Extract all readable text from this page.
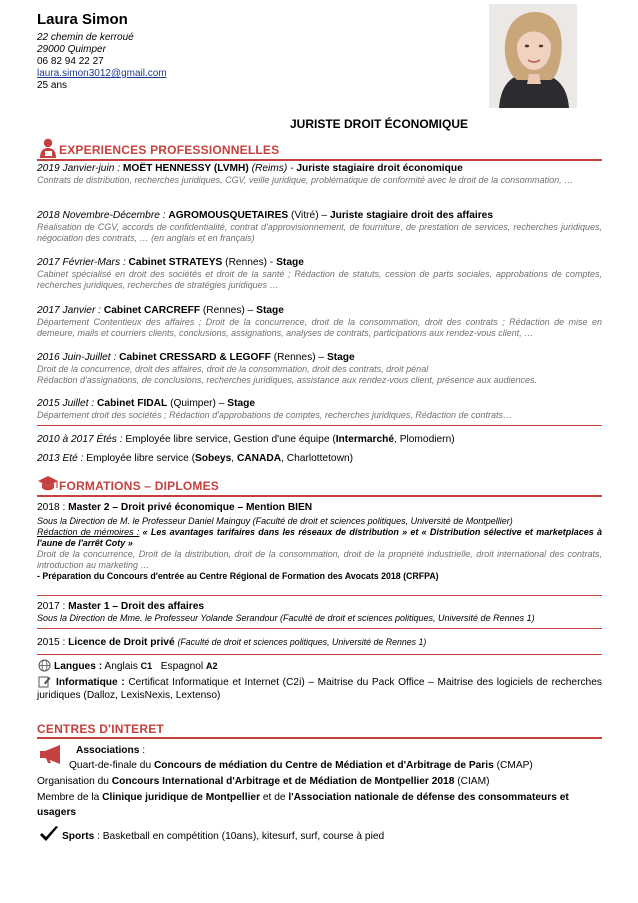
Laura Simon
22 chemin de kerroué
29000 Quimper
06 82 94 22 27
laura.simon3012@gmail.com
25 ans
JURISTE DROIT ÉCONOMIQUE
EXPERIENCES PROFESSIONNELLES
2019 Janvier-juin : MOËT HENNESSY (LVMH) (Reims) - Juriste stagiaire droit économique
Contrats de distribution, recherches juridiques, CGV, veille juridique, problématique de conformité avec le droit de la consommation, …
2018 Novembre-Décembre : AGROMOUSQUETAIRES (Vitré) – Juriste stagiaire droit des affaires
Réalisation de CGV, accords de confidentialité, contrat d'approvisionnement, de fourniture, de prestation de services, recherches juridiques, négociation des contrats, … (en anglais et en français)
2017 Février-Mars : Cabinet STRATEYS (Rennes) - Stage
Cabinet spécialisé en droit des sociétés et droit de la santé ; Rédaction de statuts, cession de parts sociales, approbations de comptes, recherches juridiques, recherches de stratégies juridiques …
2017 Janvier : Cabinet CARCREFF (Rennes) – Stage
Département Contentieux des affaires ; Droit de la concurrence, droit de la consommation, droit des contrats ; Rédaction de mise en demeure, mails et courriers clients, conclusions, assignations, analyses de contrats, participations aux rendez-vous client, …
2016 Juin-Juillet : Cabinet CRESSARD & LEGOFF (Rennes) – Stage
Droit de la concurrence, droit des affaires, droit de la consommation, droit des contrats, droit pénal
Rédaction d'assignations, de conclusions, recherches juridiques, assistance aux rendez-vous client, présence aux audiences.
2015 Juillet : Cabinet FIDAL (Quimper) – Stage
Département droit des sociétés ; Rédaction d'approbations de comptes, recherches juridiques, Rédaction de contrats…
2010 à 2017 Étés : Employée libre service, Gestion d'une équipe (Intermarché, Plomodiern)
2013 Eté : Employée libre service (Sobeys, CANADA, Charlottetown)
FORMATIONS – DIPLOMES
2018 : Master 2 – Droit privé économique – Mention BIEN
Sous la Direction de M. le Professeur Daniel Mainguy (Faculté de droit et sciences politiques, Université de Montpellier)
Rédaction de mémoires : « Les avantages tarifaires dans les réseaux de distribution » et « Distribution sélective et marketplaces à l'aune de l'arrêt Coty »
Droit de la concurrence, Droit de la distribution, droit de la consommation, droit de la propriété industrielle, droit international des contrats, introduction au marketing …
- Préparation du Concours d'entrée au Centre Régional de Formation des Avocats 2018 (CRFPA)
2017 : Master 1 – Droit des affaires
Sous la Direction de Mme. le Professeur Yolande Serandour (Faculté de droit et sciences politiques, Université de Rennes 1)
2015 : Licence de Droit privé (Faculté de droit et sciences politiques, Université de Rennes 1)
Langues : Anglais C1 Espagnol A2
Informatique : Certificat Informatique et Internet (C2i) – Maitrise du Pack Office – Maitrise des logiciels de recherches juridiques (Dalloz, LexisNexis, Lextenso)
CENTRES D'INTERET
Associations :
Quart-de-finale du Concours de médiation du Centre de Médiation et d'Arbitrage de Paris (CMAP)
Organisation du Concours International d'Arbitrage et de Médiation de Montpellier 2018 (CIAM)
Membre de la Clinique juridique de Montpellier et de l'Association nationale de défense des consommateurs et usagers
Sports : Basketball en compétition (10ans), kitesurf, surf, course à pied
